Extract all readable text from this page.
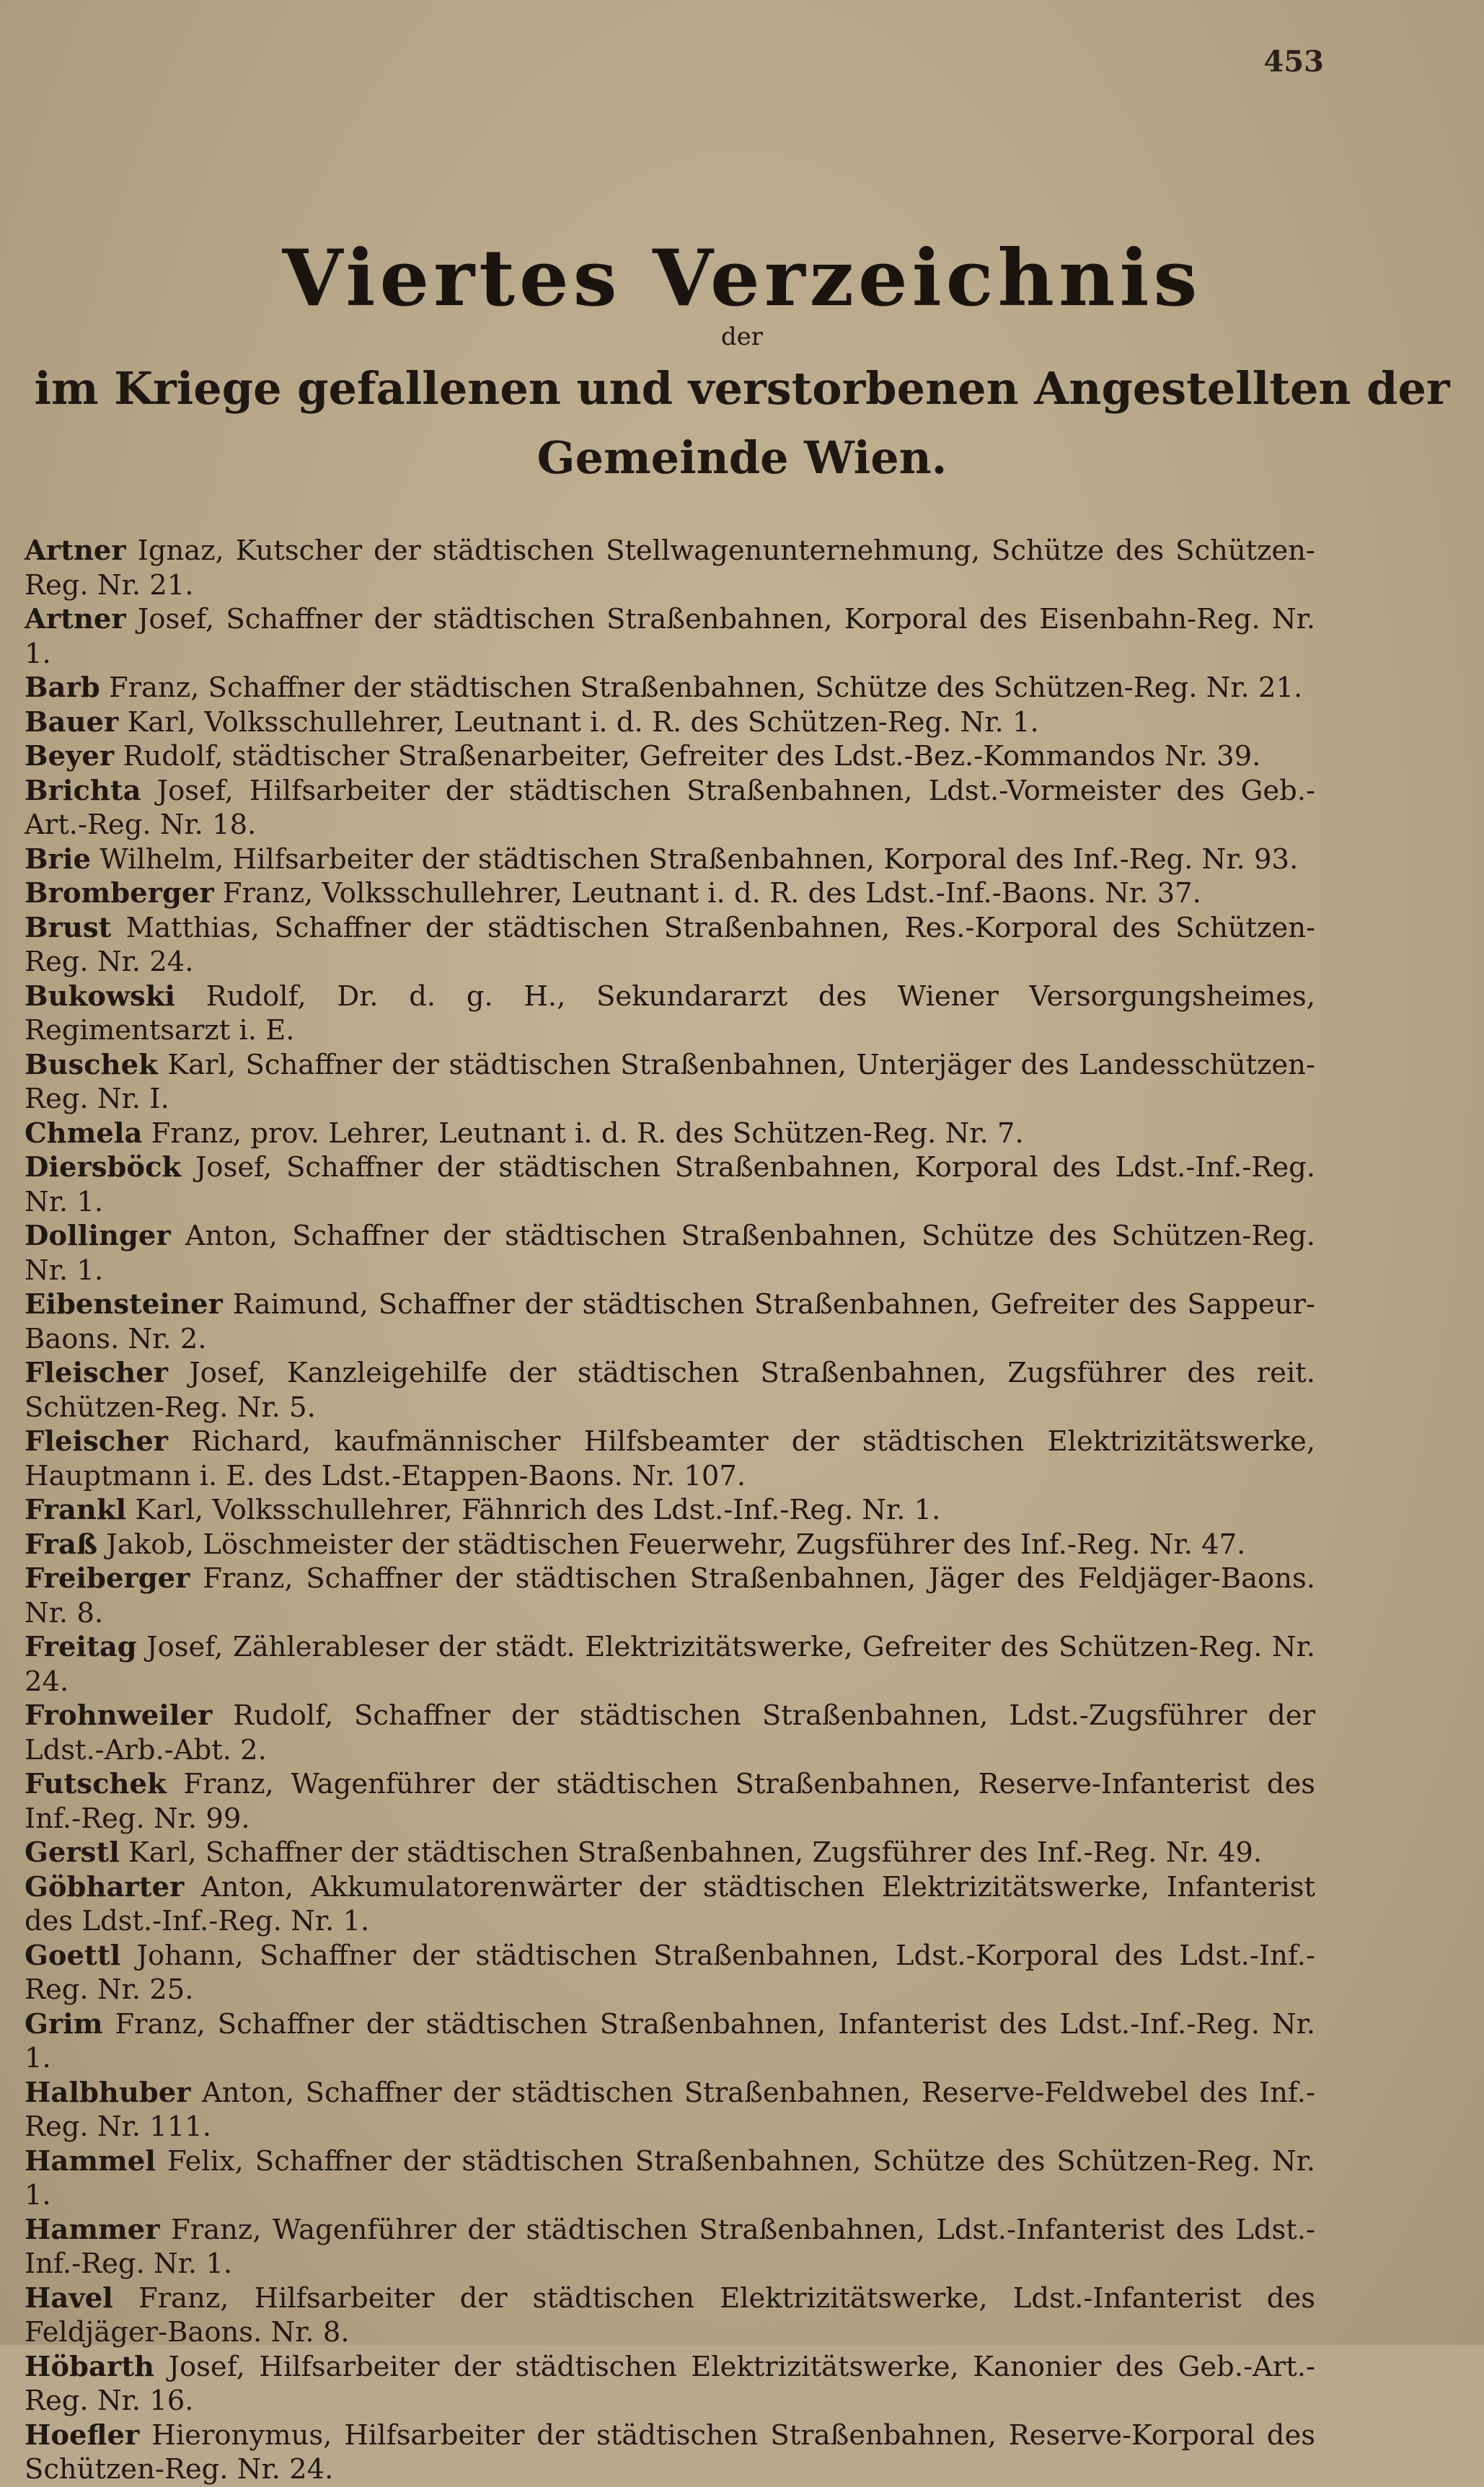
453
Viertes Verzeichnis
der
im Kriege gefallenen und verstorbenen Angestellten der
Gemeinde Wien.

Artner Ignaz, Kutscher der städtischen Stellwagenunternehmung, Schütze des Schützen-Reg. Nr. 21.

Artner Josef, Schaffner der städtischen Straßenbahnen, Korporal des Eisenbahn-Reg. Nr. 1.

Barb Franz, Schaffner der städtischen Straßenbahnen, Schütze des Schützen-Reg. Nr. 21.

Bauer Karl, Volksschullehrer, Leutnant i. d. R. des Schützen-Reg. Nr. 1.

Beyer Rudolf, städtischer Straßenarbeiter, Gefreiter des Ldst.-Bez.-Kommandos Nr. 39.

Brichta Josef, Hilfsarbeiter der städtischen Straßenbahnen, Ldst.-Vormeister des Geb.-Art.-Reg. Nr. 18.

Brie Wilhelm, Hilfsarbeiter der städtischen Straßenbahnen, Korporal des Inf.-Reg. Nr. 93.

Bromberger Franz, Volksschullehrer, Leutnant i. d. R. des Ldst.-Inf.-Baons. Nr. 37.

Brust Matthias, Schaffner der städtischen Straßenbahnen, Res.-Korporal des Schützen-Reg. Nr. 24.

Bukowski Rudolf, Dr. d. g. H., Sekundararzt des Wiener Versorgungsheimes, Regimentsarzt i. E.

Buschek Karl, Schaffner der städtischen Straßenbahnen, Unterjäger des Landesschützen-Reg. Nr. I.

Chmela Franz, prov. Lehrer, Leutnant i. d. R. des Schützen-Reg. Nr. 7.

Diersböck Josef, Schaffner der städtischen Straßenbahnen, Korporal des Ldst.-Inf.-Reg. Nr. 1.

Dollinger Anton, Schaffner der städtischen Straßenbahnen, Schütze des Schützen-Reg. Nr. 1.

Eibensteiner Raimund, Schaffner der städtischen Straßenbahnen, Gefreiter des Sappeur-Baons. Nr. 2.

Fleischer Josef, Kanzleigehilfe der städtischen Straßenbahnen, Zugsführer des reit. Schützen-Reg. Nr. 5.

Fleischer Richard, kaufmännischer Hilfsbeamter der städtischen Elektrizitätswerke, Hauptmann i. E. des Ldst.-Etappen-Baons. Nr. 107.

Frankl Karl, Volksschullehrer, Fähnrich des Ldst.-Inf.-Reg. Nr. 1.

Fraß Jakob, Löschmeister der städtischen Feuerwehr, Zugsführer des Inf.-Reg. Nr. 47.

Freiberger Franz, Schaffner der städtischen Straßenbahnen, Jäger des Feldjäger-Baons. Nr. 8.

Freitag Josef, Zählerableser der städt. Elektrizitätswerke, Gefreiter des Schützen-Reg. Nr. 24.

Frohnweiler Rudolf, Schaffner der städtischen Straßenbahnen, Ldst.-Zugsführer der Ldst.-Arb.-Abt. 2.

Futschek Franz, Wagenführer der städtischen Straßenbahnen, Reserve-Infanterist des Inf.-Reg. Nr. 99.

Gerstl Karl, Schaffner der städtischen Straßenbahnen, Zugsführer des Inf.-Reg. Nr. 49.

Göbharter Anton, Akkumulatorenwärter der städtischen Elektrizitätswerke, Infanterist des Ldst.-Inf.-Reg. Nr. 1.

Goettl Johann, Schaffner der städtischen Straßenbahnen, Ldst.-Korporal des Ldst.-Inf.-Reg. Nr. 25.

Grim Franz, Schaffner der städtischen Straßenbahnen, Infanterist des Ldst.-Inf.-Reg. Nr. 1.

Halbhuber Anton, Schaffner der städtischen Straßenbahnen, Reserve-Feldwebel des Inf.-Reg. Nr. 111.

Hammel Felix, Schaffner der städtischen Straßenbahnen, Schütze des Schützen-Reg. Nr. 1.

Hammer Franz, Wagenführer der städtischen Straßenbahnen, Ldst.-Infanterist des Ldst.-Inf.-Reg. Nr. 1.

Havel Franz, Hilfsarbeiter der städtischen Elektrizitätswerke, Ldst.-Infanterist des Feldjäger-Baons. Nr. 8.

Höbarth Josef, Hilfsarbeiter der städtischen Elektrizitätswerke, Kanonier des Geb.-Art.-Reg. Nr. 16.

Hoefler Hieronymus, Hilfsarbeiter der städtischen Straßenbahnen, Reserve-Korporal des Schützen-Reg. Nr. 24.
